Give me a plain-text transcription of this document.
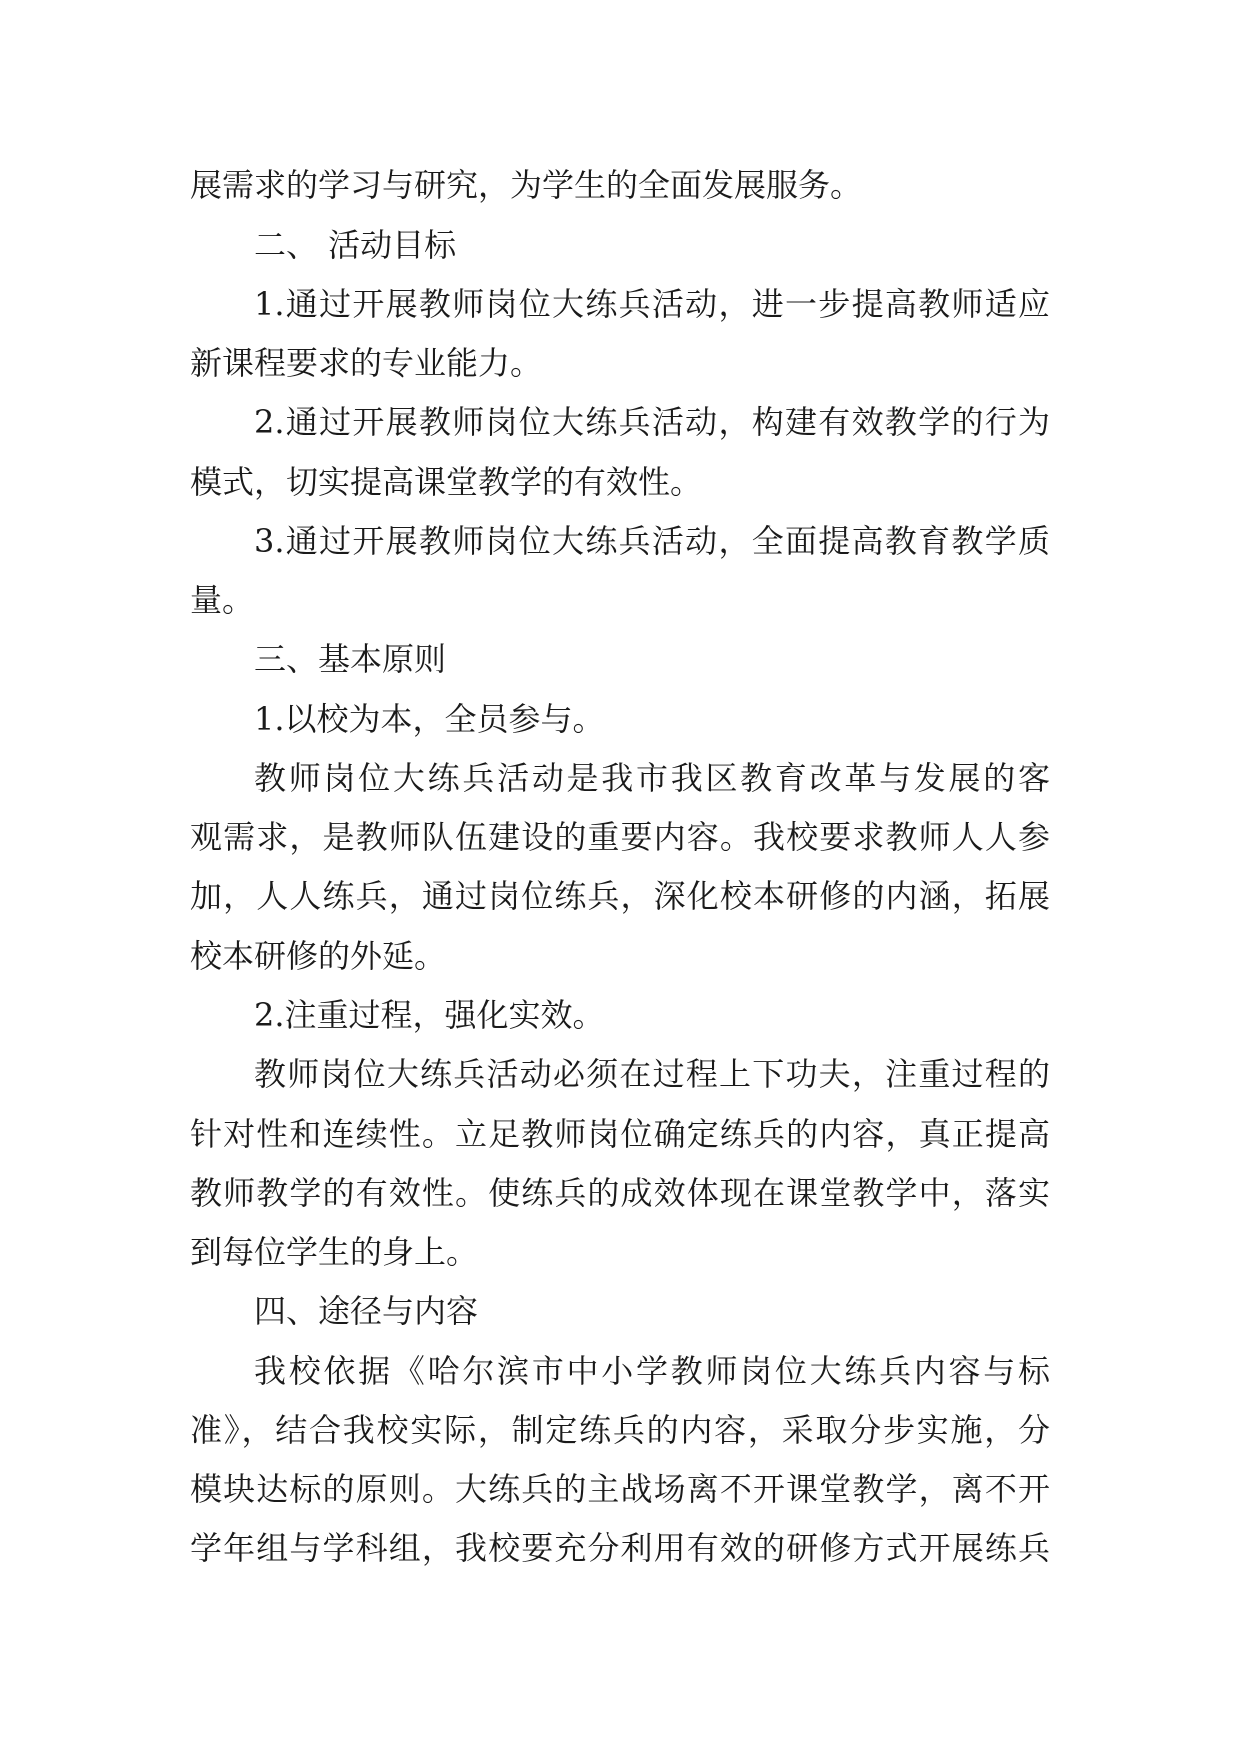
展需求的学习与研究，为学生的全面发展服务。
二、 活动目标
1.通过开展教师岗位大练兵活动，进一步提高教师适应
新课程要求的专业能力。
2.通过开展教师岗位大练兵活动，构建有效教学的行为
模式，切实提高课堂教学的有效性。
3.通过开展教师岗位大练兵活动，全面提高教育教学质
量。
三、基本原则
1.以校为本，全员参与。
教师岗位大练兵活动是我市我区教育改革与发展的客
观需求，是教师队伍建设的重要内容。我校要求教师人人参
加，人人练兵，通过岗位练兵，深化校本研修的内涵，拓展
校本研修的外延。
2.注重过程，强化实效。
教师岗位大练兵活动必须在过程上下功夫，注重过程的
针对性和连续性。立足教师岗位确定练兵的内容，真正提高
教师教学的有效性。使练兵的成效体现在课堂教学中，落实
到每位学生的身上。
四、途径与内容
我校依据《哈尔滨市中小学教师岗位大练兵内容与标
准》，结合我校实际，制定练兵的内容，采取分步实施，分
模块达标的原则。大练兵的主战场离不开课堂教学，离不开
学年组与学科组，我校要充分利用有效的研修方式开展练兵
